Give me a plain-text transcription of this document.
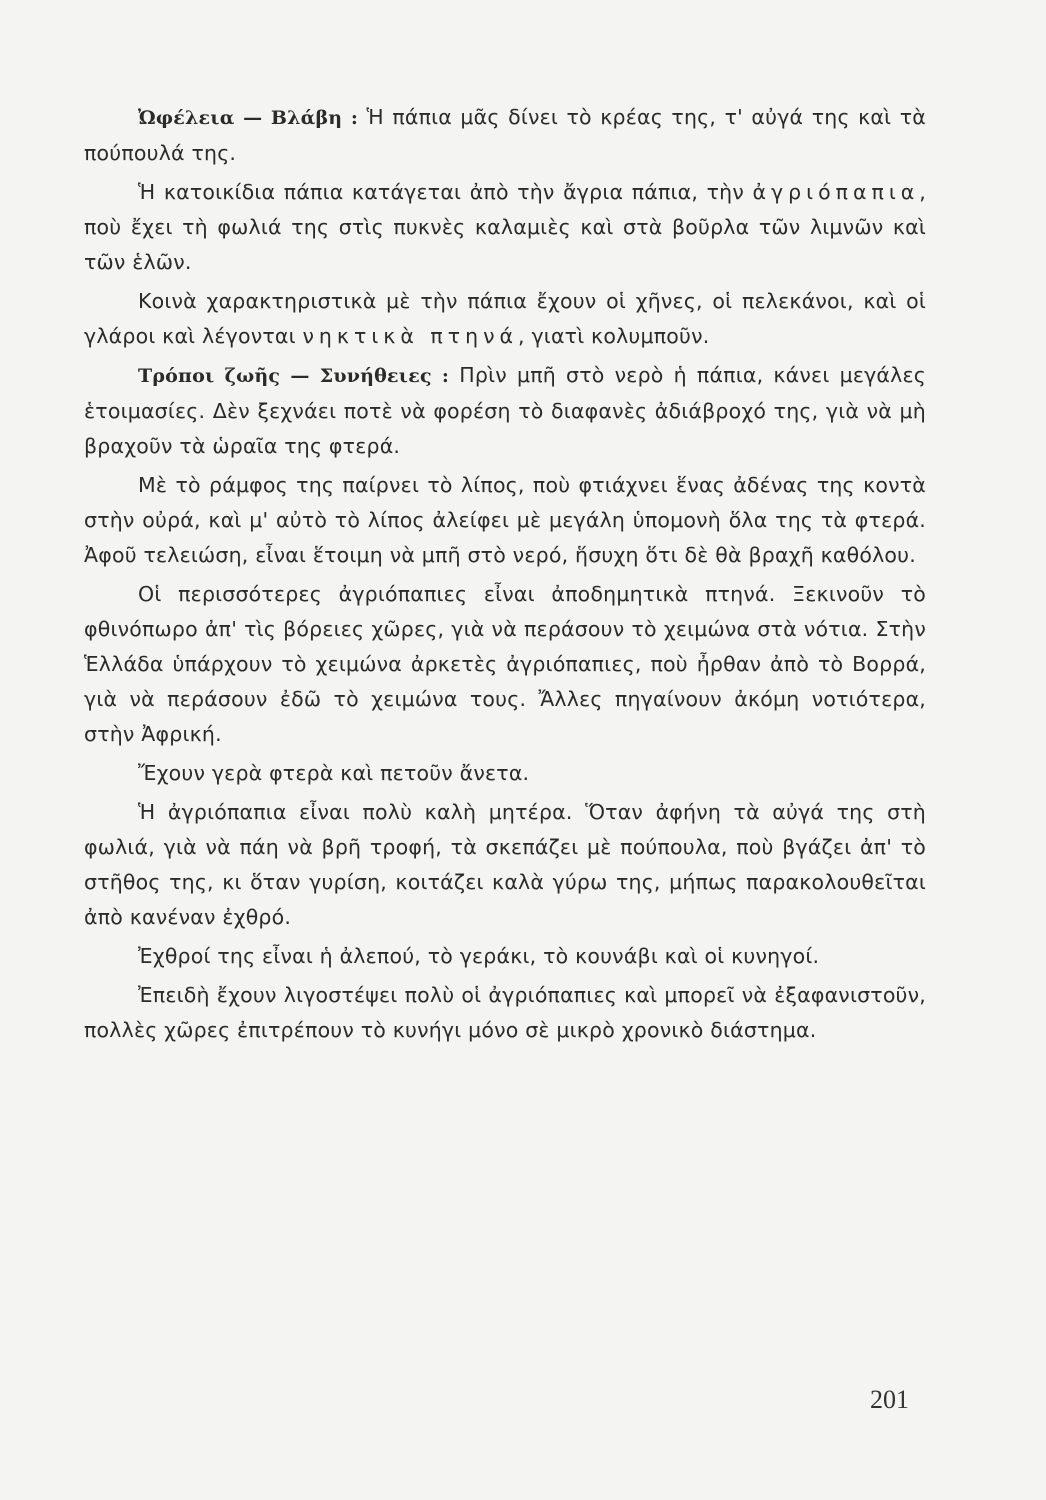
Ὠφέλεια — Βλάβη : Ἡ πάπια μᾶς δίνει τὸ κρέας της, τ' αὐγά της καὶ τὰ πούπουλά της.

Ἡ κατοικίδια πάπια κατάγεται ἀπὸ τὴν ἄγρια πάπια, τὴν ἀγριόπαπια, ποὺ ἔχει τὴ φωλιά της στὶς πυκνὲς καλαμιὲς καὶ στὰ βοῦρλα τῶν λιμνῶν καὶ τῶν ἑλῶν.

Κοινὰ χαρακτηριστικὰ μὲ τὴν πάπια ἔχουν οἱ χῆνες, οἱ πελεκάνοι, καὶ οἱ γλάροι καὶ λέγονται νηκτικὰ πτηνά, γιατὶ κολυμποῦν.

Τρόποι ζωῆς — Συνήθειες : Πρὶν μπῆ στὸ νερὸ ἡ πάπια, κάνει μεγάλες ἑτοιμασίες. Δὲν ξεχνάει ποτὲ νὰ φορέση τὸ διαφανὲς ἀδιάβροχό της, γιὰ νὰ μὴ βραχοῦν τὰ ὡραῖα της φτερά.

Μὲ τὸ ράμφος της παίρνει τὸ λίπος, ποὺ φτιάχνει ἕνας ἀδένας της κοντὰ στὴν οὐρά, καὶ μ' αὐτὸ τὸ λίπος ἀλείφει μὲ μεγάλη ὑπομονὴ ὅλα της τὰ φτερά. Ἀφοῦ τελειώση, εἶναι ἕτοιμη νὰ μπῆ στὸ νερό, ἥσυχη ὅτι δὲ θὰ βραχῆ καθόλου.

Οἱ περισσότερες ἀγριόπαπιες εἶναι ἀποδημητικὰ πτηνά. Ξεκινοῦν τὸ φθινόπωρο ἀπ' τὶς βόρειες χῶρες, γιὰ νὰ περάσουν τὸ χειμώνα στὰ νότια. Στὴν Ἑλλάδα ὑπάρχουν τὸ χειμώνα ἀρκετὲς ἀγριόπαπιες, ποὺ ἦρθαν ἀπὸ τὸ Βορρά, γιὰ νὰ περάσουν ἐδῶ τὸ χειμώνα τους. Ἄλλες πηγαίνουν ἀκόμη νοτιότερα, στὴν Ἀφρική.

Ἔχουν γερὰ φτερὰ καὶ πετοῦν ἄνετα.

Ἡ ἀγριόπαπια εἶναι πολὺ καλὴ μητέρα. Ὅταν ἀφήνη τὰ αὐγά της στὴ φωλιά, γιὰ νὰ πάη νὰ βρῆ τροφή, τὰ σκεπάζει μὲ πούπουλα, ποὺ βγάζει ἀπ' τὸ στῆθος της, κι ὅταν γυρίση, κοιτάζει καλὰ γύρω της, μήπως παρακολουθεῖται ἀπὸ κανέναν ἐχθρό.

Ἐχθροί της εἶναι ἡ ἀλεπού, τὸ γεράκι, τὸ κουνάβι καὶ οἱ κυνηγοί.

Ἐπειδὴ ἔχουν λιγοστέψει πολὺ οἱ ἀγριόπαπιες καὶ μπορεῖ νὰ ἐξαφανιστοῦν, πολλὲς χῶρες ἐπιτρέπουν τὸ κυνήγι μόνο σὲ μικρὸ χρονικὸ διάστημα.

201
